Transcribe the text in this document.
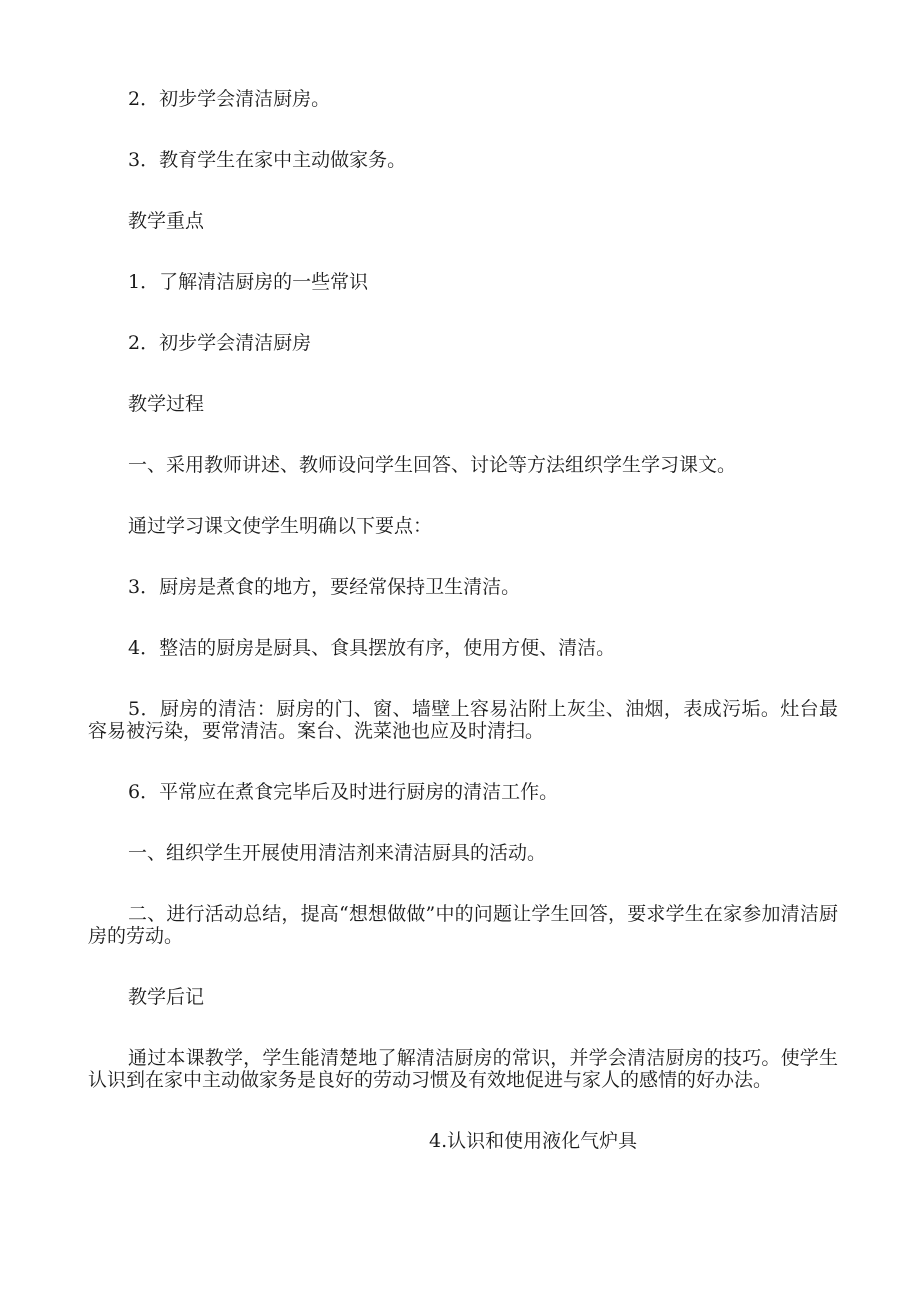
2．初步学会清洁厨房。

3．教育学生在家中主动做家务。

教学重点

1．了解清洁厨房的一些常识

2．初步学会清洁厨房

教学过程

一、采用教师讲述、教师设问学生回答、讨论等方法组织学生学习课文。

通过学习课文使学生明确以下要点：

3．厨房是煮食的地方，要经常保持卫生清洁。

4．整洁的厨房是厨具、食具摆放有序，使用方便、清洁。

5．厨房的清洁：厨房的门、窗、墙壁上容易沾附上灰尘、油烟，表成污垢。灶台最容易被污染，要常清洁。案台、洗菜池也应及时清扫。

6．平常应在煮食完毕后及时进行厨房的清洁工作。

一、组织学生开展使用清洁剂来清洁厨具的活动。

二、进行活动总结，提高“想想做做”中的问题让学生回答，要求学生在家参加清洁厨房的劳动。

教学后记

通过本课教学，学生能清楚地了解清洁厨房的常识，并学会清洁厨房的技巧。使学生认识到在家中主动做家务是良好的劳动习惯及有效地促进与家人的感情的好办法。

4.认识和使用液化气炉具
